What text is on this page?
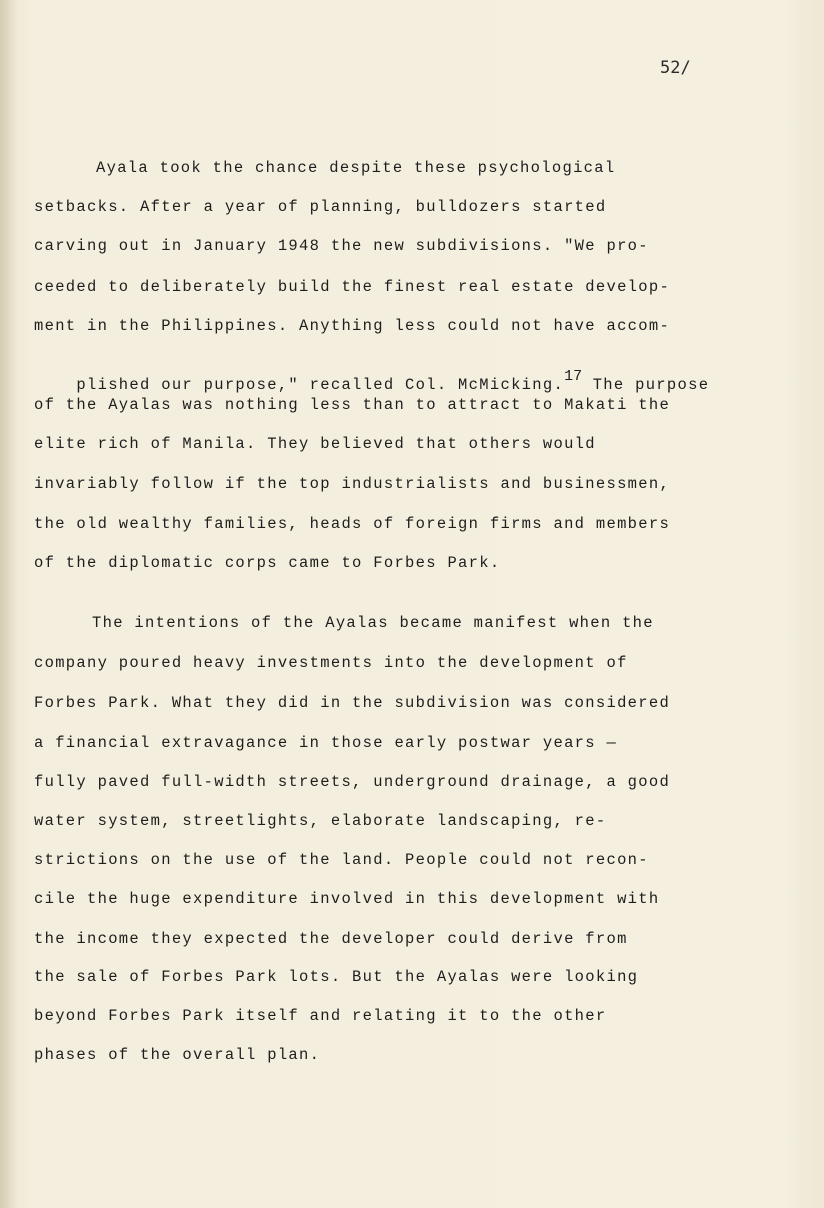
52/
Ayala took the chance despite these psychological
setbacks. After a year of planning, bulldozers started
carving out in January 1948 the new subdivisions. "We pro-
ceeded to deliberately build the finest real estate develop-
ment in the Philippines. Anything less could not have accom-

plished our purpose," recalled Col. McMicking.17 The purpose

of the Ayalas was nothing less than to attract to Makati the
elite rich of Manila. They believed that others would
invariably follow if the top industrialists and businessmen,
the old wealthy families, heads of foreign firms and members
of the diplomatic corps came to Forbes Park.
The intentions of the Ayalas became manifest when the
company poured heavy investments into the development of
Forbes Park. What they did in the subdivision was considered
a financial extravagance in those early postwar years —
fully paved full-width streets, underground drainage, a good
water system, streetlights, elaborate landscaping, re-
strictions on the use of the land. People could not recon-
cile the huge expenditure involved in this development with
the income they expected the developer could derive from
the sale of Forbes Park lots. But the Ayalas were looking
beyond Forbes Park itself and relating it to the other
phases of the overall plan.
